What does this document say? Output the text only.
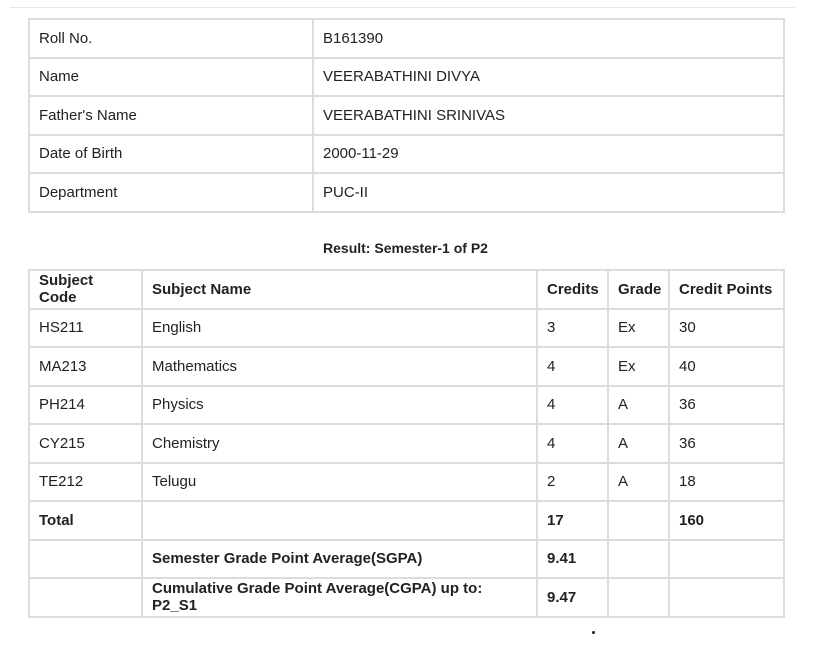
Roll No.	B161390
Name	VEERABATHINI DIVYA
Father's Name	VEERABATHINI SRINIVAS
Date of Birth	2000-11-29
Department	PUC-II
Result: Semester-1 of P2
Subject Code	Subject Name	Credits	Grade	Credit Points
HS211	English	3	Ex	30
MA213	Mathematics	4	Ex	40
PH214	Physics	4	A	36
CY215	Chemistry	4	A	36
TE212	Telugu	2	A	18
Total		17		160
	Semester Grade Point Average(SGPA)	9.41		
	Cumulative Grade Point Average(CGPA) up to: P2_S1	9.47		
